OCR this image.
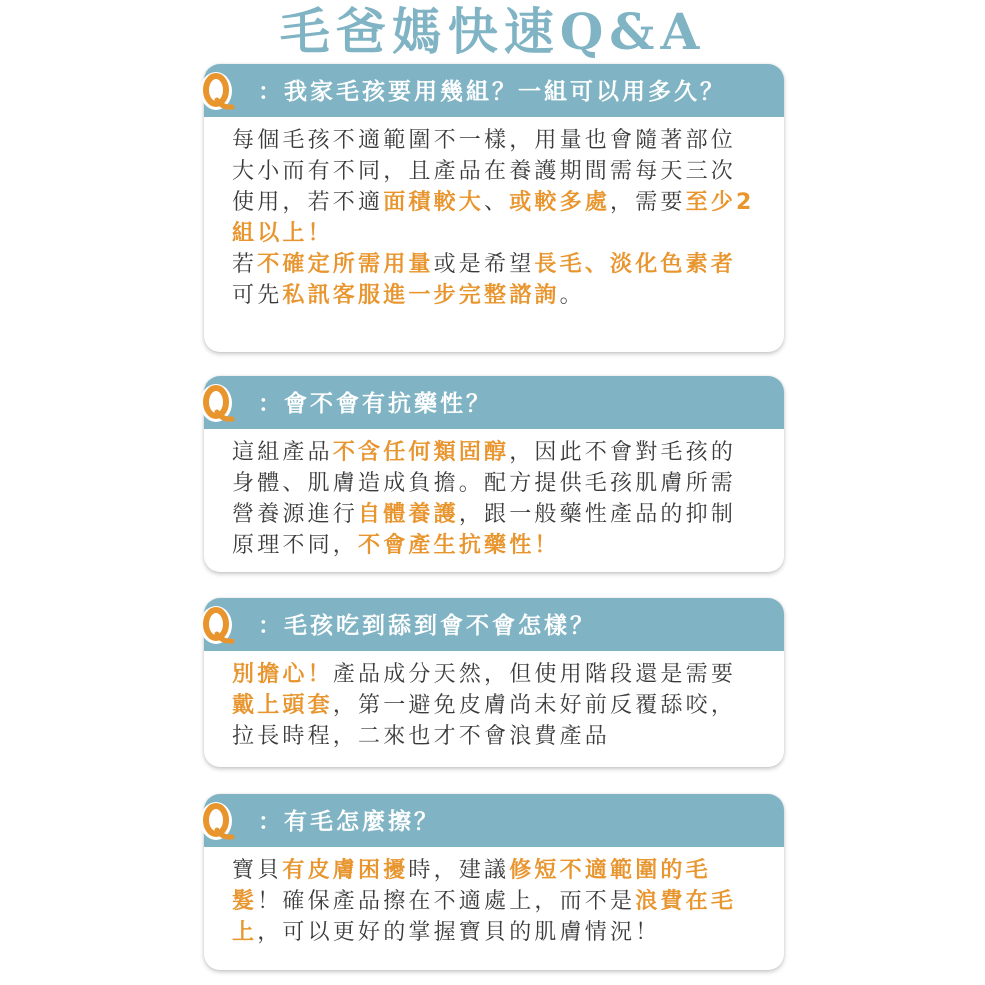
毛爸媽快速Q&A
：我家毛孩要用幾組？一組可以用多久？
每個毛孩不適範圍不一樣，用量也會隨著部位大小而有不同，且產品在養護期間需每天三次使用，若不適面積較大、或較多處，需要至少2組以上！
若不確定所需用量或是希望長毛、淡化色素者可先私訊客服進一步完整諮詢。
：會不會有抗藥性？
這組產品不含任何類固醇，因此不會對毛孩的身體、肌膚造成負擔。配方提供毛孩肌膚所需營養源進行自體養護，跟一般藥性產品的抑制原理不同，不會產生抗藥性！
：毛孩吃到舔到會不會怎樣？
別擔心！產品成分天然，但使用階段還是需要戴上頭套，第一避免皮膚尚未好前反覆舔咬，拉長時程，二來也才不會浪費產品
：有毛怎麼擦？
寶貝有皮膚困擾時，建議修短不適範圍的毛髮！確保產品擦在不適處上，而不是浪費在毛上，可以更好的掌握寶貝的肌膚情況！
